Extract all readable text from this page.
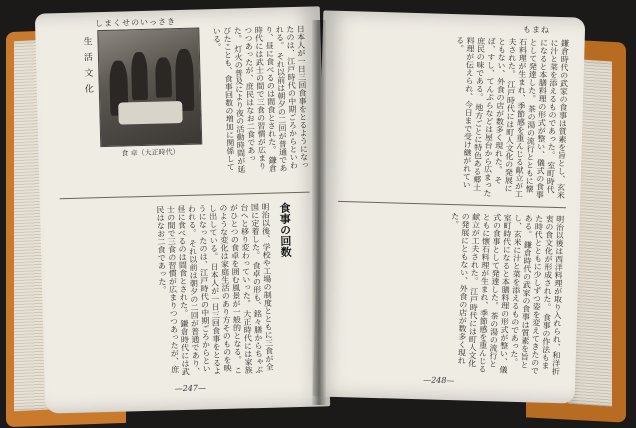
しまくせのいっさき
生 活 文 化
食 卓（大正時代）	日本人が一日三回食事をとるようになったのは、江戸時代の中期ごろからといわれる。 それ以前は朝夕の二回が普通であり、昼に食べるのは間食とされた。 鎌倉時代には武士の間で三食の習慣が広まりつつあったが、庶民はなお二食であった。 灯火の普及により夜の活動時間が延びたことも、食事回数の増加に関係している。
食事の回数
明治以後、学校や工場の制度とともに三食が全国に定着した。 食卓の形も、銘々膳からちゃぶ台へと移り変わっていった。 大正時代には家族がひとつの食卓を囲む風景が一般的となる。 このような変化は家庭生活のあり方そのものを映し出している。 日本人が一日三回食事をとるようになったのは、江戸時代の中期ごろからといわれる。 それ以前は朝夕の二回が普通であり、昼に食べるのは間食とされた。 鎌倉時代には武士の間で三食の習慣が広まりつつあったが、庶民はなお二食であった。
—247—
もまね
鎌倉時代の武家の食事は質素を旨とし、玄米に汁と菜を添えるものであった。 室町時代になると本膳料理の形式が整い、儀式の食事として発達した。 茶の湯の流行とともに懐石料理が生まれ、季節感を重んじる献立が工夫された。 江戸時代には町人文化の発展にともない、外食の店が数多く現れた。 そば、すし、てんぷらなどは屋台から広まった庶民の味である。 地方ごとに特色ある郷土料理が伝えられ、今日まで受け継がれている。
明治以後は西洋料理が取り入れられ、和洋折衷の食文化が形成された。 食事の作法もまた時代とともに少しずつ姿を変えてきたのである。 鎌倉時代の武家の食事は質素を旨とし、玄米に汁と菜を添えるものであった。 室町時代になると本膳料理の形式が整い、儀式の食事として発達した。 茶の湯の流行とともに懐石料理が生まれ、季節感を重んじる献立が工夫された。 江戸時代には町人文化の発展にともない、外食の店が数多く現れた。
—248—
